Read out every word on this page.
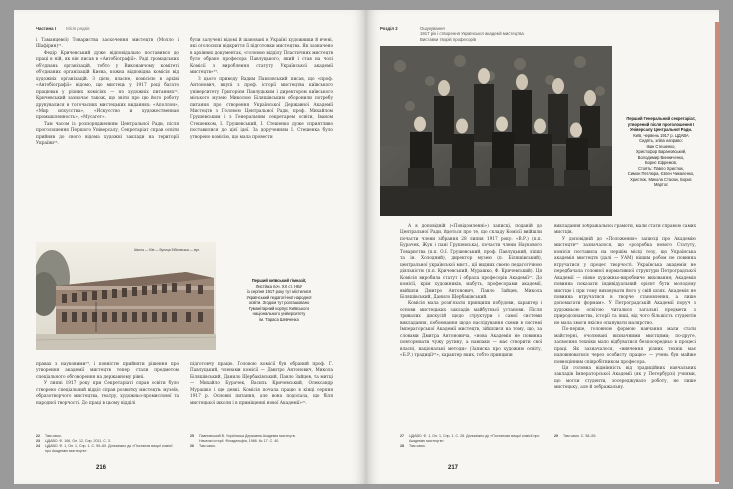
Частина I Місія рядків

і Таманцевої) Товариства заохочення мистецтв (Молло і Шафірин)²¹.

Федір Кричевський дуже відповідально поставився до праці в ній, як він писав в «Автобіографії». Раді громадських об'єднань організацій, тобто у Виконавчому комітеті об'єднаних організацій Києва, кожна відповідна комісія від художніх організацій. З цією, власне, комісією в архіві «Автобіографії» відомо, що мистець у 1917 році багато працював у різних комісіях — по художніх питаннях²². Кричевський зазначає також, що звіти про цю його роботу друкувалися в тогочасних мистецьких виданнях: «Аполлон», «Мир искусства», «Искусство и художественная промышленность», «Мусагет».

Там часом із розпорядженням Центральної Ради, після проголошення Першого Універсалу, Секретаріат справ освіти прийняв до свого відома художні заклади на території України²³.

були залучені відомі й шановані в Україні художники й вчені, які оголосили відкриття її підготовки мистецтва. Як зазначено в архівних документах, «головою відділу Пластичних мистецтв було обрано професора Павлуцького, який і став на чолі Комісії з вироблення статуту Української академії мистецтв»²⁴.

З цього приводу Вадим Павловський писав, що «проф. Антонович, вкупі з проф. історії мистецтва київського університету Григорієм Павлуцьким і директором київського міського музею Миколою Біляшівським оборонили потребу питання про створення Української Державної Академії Мистецтв з Головою Центральної Ради, проф. Михайлом Грушевським і з Генеральним секретарем освіти, Іваном Стешенком, І. Грушевський, І. Стешенко дуже сприятливо поставилися до цієї ідеї. За дорученням І. Стешенка було утворено комісію, що мала провести

Школа — Кіїв — Вулиця Бібіковська — вул.
Перший київський гімназії,
Листівка поч. XX ст. НБУ
із серпня 1917 року тут містилися
Український педагогічної народної
освіти. Згодом тут розташовано
Гуманітарний корпус Київського
національного університету
ім. Тараса Шевченка

правах з науковими²⁴, і повністю прийняти рішення про утворення академії мистецтв тепер стали предметом спеціального обговорення на державному рівні.

У липні 1917 року при Секретаріаті справ освіти було створено спеціальний відділ справ розвитку мистецтв: музеїв, образотворчого мистецтва, театру, художньо-промислової та народної творчості. До праці в цьому відділі

підготовчу працю. Головою комісії був обраний проф. Г. Павлуцький, членами комісії — Дмитро Антонович, Микола Біляшівський, Данило Щербаківський, Павло Зайцев, та митці — Михайло Бурачек, Василь Кричевський, Олександр Мурашко і ще деякі. Комісія почала працю в кінці серпня 1917 р. Основні питання, але вона подолала, що біля мистецької школи і в приміщенні нової Академії»²⁵.

22	Там само.
23	ЦДАВО. Ф. 166, Оп. 12, Спр. 2011. С. 3.
24	ЦДАВО. Ф. 1, Оп. 1, Спр. 1. С. 59–60. Допоміжно до «Постанов вищої комісії про Академію мистецтв».
25	Павловський В. Українська Державна Академія мистецтв.
Начатки історії. Філадельфія, 1966. № 17. С. 40.
26	Там само.
216
Розділ 2	Ошукування
1917 рік і створення Української академії мистецтва
Виставки творів професорів
Перший Генеральний секретаріат, утворений після проголошення I Універсалу Центральної Ради.
Київ, червень 1917 р. ЦДАВА
Сидять, зліва направо:
Іван Стешенко,
Христофор Барановський,
Володимир Винниченко,
Борис Єфремов,
Стоять: Павло Христюк,
Симон Петлюра, Євген Чикаленко,
Христюк, Микола Стасюк, Борис
Мартос

А в доповідній («Повідомленні») записці, поданій до Центральної Ради, йдеться про те, що складу Комісії ввійшли почасти члени зібрання 28 липня 1917 року: «В.Р.) (п.п. Бурачек, Жук і пані Грушевська), почасти члени Наукового Товариства (п.п. О.І. Грушевський, проф. Павлуцький, ліпші та ін. Холодний), директор музею (п. Біляшівський), центральної української мист., ції видних своєю педагогічною діяльністю (п.п. Кричевський, Мурашко, Ф. Кричевський). Ця Комісія виробила статут і обрала професорів Академії²⁷. До комісії, крім художників, мабуть, професорами академії, ввійшли Дмитро Антонович, Павло Зайцев, Микола Біляшівський, Данило Щербаківський.

Комісія мала розв'язати принципи побудови, характер і основи мистецьких закладів майбутньої установи. Після тривалих дискусій щодо структури і самої системи викладання, побоювання щодо наслідування схеми в системі Імператорської Академії мистецтв, зійшлися на тому, що, за словами Дмитра Антоновича, «нова Академія не повинна повторювати чужу рутину, а навпаки — має створити свої власні, національні методи» (Записка про художню освіту, «Б.Р.) традиції²⁸», характер яких, тобто принципи

викладання зображальної грамоти, мали стати справою самих мистців.

У доповідній до «Положення» записці про Академію мистецтв²⁹ зазначалося, що «розробка нового Статуту, комісія поставила на першім місці тезу, що Українська академія мистецтв (далі — УАМ) нішим робом не повинна втручатися у процес творчості. Українська академія не передбачала головної нормативної структури Петроградської Академії — ніяке художньо-виробниче виховання; Академія повинна показати індивідуальний орієнт бути молодому мистцю і при тому виховувати його у свій шлях. Академія не повинна втручатися в творче становлення, а лише допомагати формам». У Петроградській Академії поруч з художньою освітою читалися загальні предмети з природознавства, історії та інші, від чого більшість студентів не мала змоги якісно опанувати малярство.

По-перше, головною формою навчання мали стати майстерні, очолювані визначними мистцями; по-друге, засвоєння техніки мало відбуватися безпосередньо в процесі праці. Як зазначалося, «вивчення різних технік має наповнюватися через особисту працю» — учень був майже повноцінним співробітником професора.

Ця головна відмінність від традиційних навчальних закладів Імператорської Академії (як у Петербурзі) учнями, що могли студенти, зосереджувало роботу, не лише мистецьку, але й зображальну.

27	ЦДАВО. Ф. 1, Оп. 1, Спр. 1. С. 28. Допоміжно до «Постанови вищої комісії про Академію мистецтв».
28	Там само.
29	Там само. С. 58–59.
217
